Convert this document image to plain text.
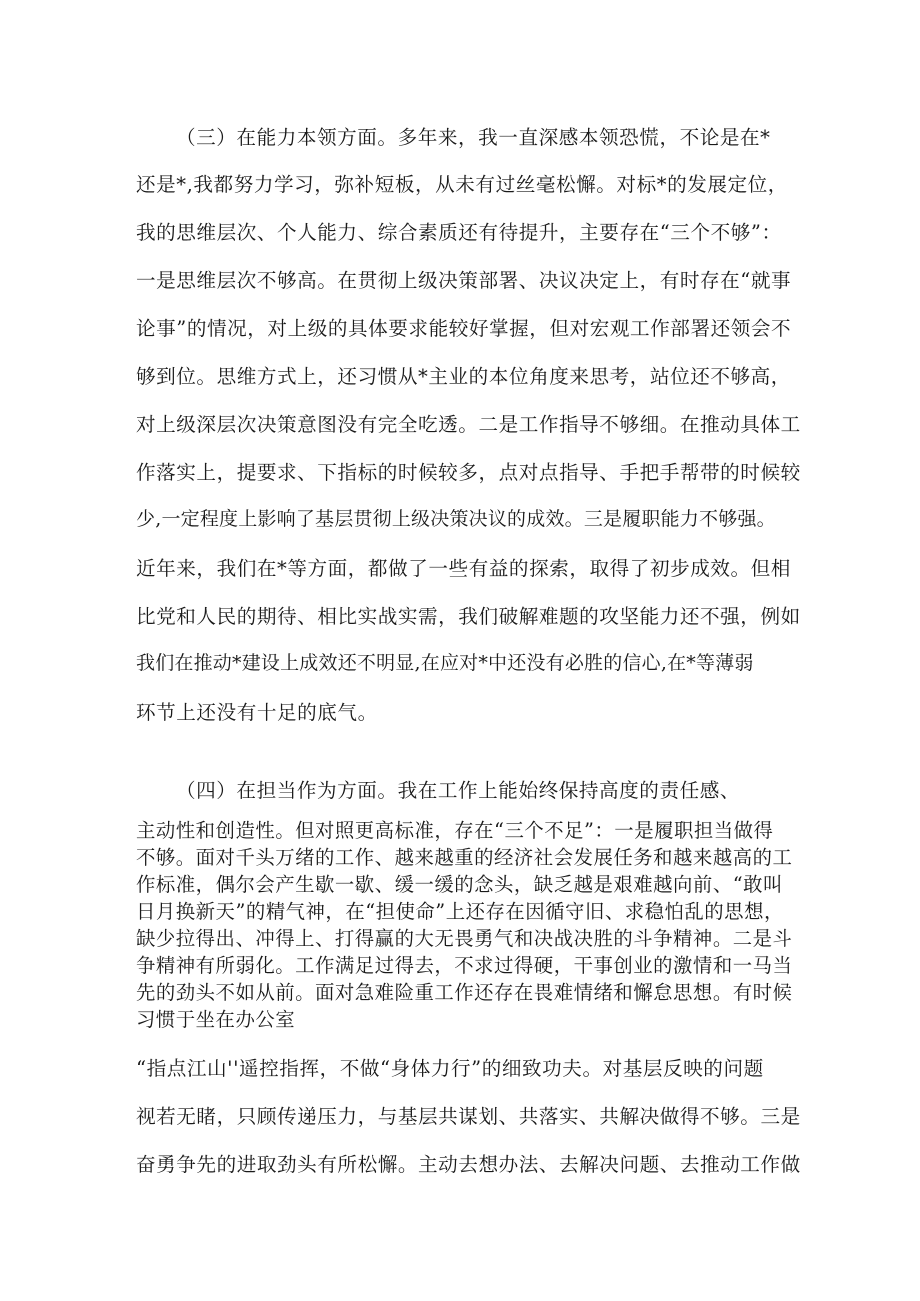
（三）在能力本领方面。多年来，我一直深感本领恐慌，不论是在*
还是*,我都努力学习，弥补短板，从未有过丝毫松懈。对标*的发展定位，
我的思维层次、个人能力、综合素质还有待提升，主要存在“三个不够”：
一是思维层次不够高。在贯彻上级决策部署、决议决定上，有时存在“就事
论事”的情况，对上级的具体要求能较好掌握，但对宏观工作部署还领会不
够到位。思维方式上，还习惯从*主业的本位角度来思考，站位还不够高，
对上级深层次决策意图没有完全吃透。二是工作指导不够细。在推动具体工
作落实上，提要求、下指标的时候较多，点对点指导、手把手帮带的时候较
少,一定程度上影响了基层贯彻上级决策决议的成效。三是履职能力不够强。
近年来，我们在*等方面，都做了一些有益的探索，取得了初步成效。但相
比党和人民的期待、相比实战实需，我们破解难题的攻坚能力还不强，例如
我们在推动*建设上成效还不明显,在应对*中还没有必胜的信心,在*等薄弱
环节上还没有十足的底气。
（四）在担当作为方面。我在工作上能始终保持高度的责任感、
主动性和创造性。但对照更高标准，存在“三个不足”：一是履职担当做得
不够。面对千头万绪的工作、越来越重的经济社会发展任务和越来越高的工
作标准，偶尔会产生歇一歇、缓一缓的念头，缺乏越是艰难越向前、“敢叫
日月换新天”的精气神，在“担使命”上还存在因循守旧、求稳怕乱的思想，
缺少拉得出、冲得上、打得赢的大无畏勇气和决战决胜的斗争精神。二是斗
争精神有所弱化。工作满足过得去，不求过得硬，干事创业的激情和一马当
先的劲头不如从前。面对急难险重工作还存在畏难情绪和懈怠思想。有时候
习惯于坐在办公室
“指点江山''遥控指挥，不做“身体力行”的细致功夫。对基层反映的问题
视若无睹，只顾传递压力，与基层共谋划、共落实、共解决做得不够。三是
奋勇争先的进取劲头有所松懈。主动去想办法、去解决问题、去推动工作做
